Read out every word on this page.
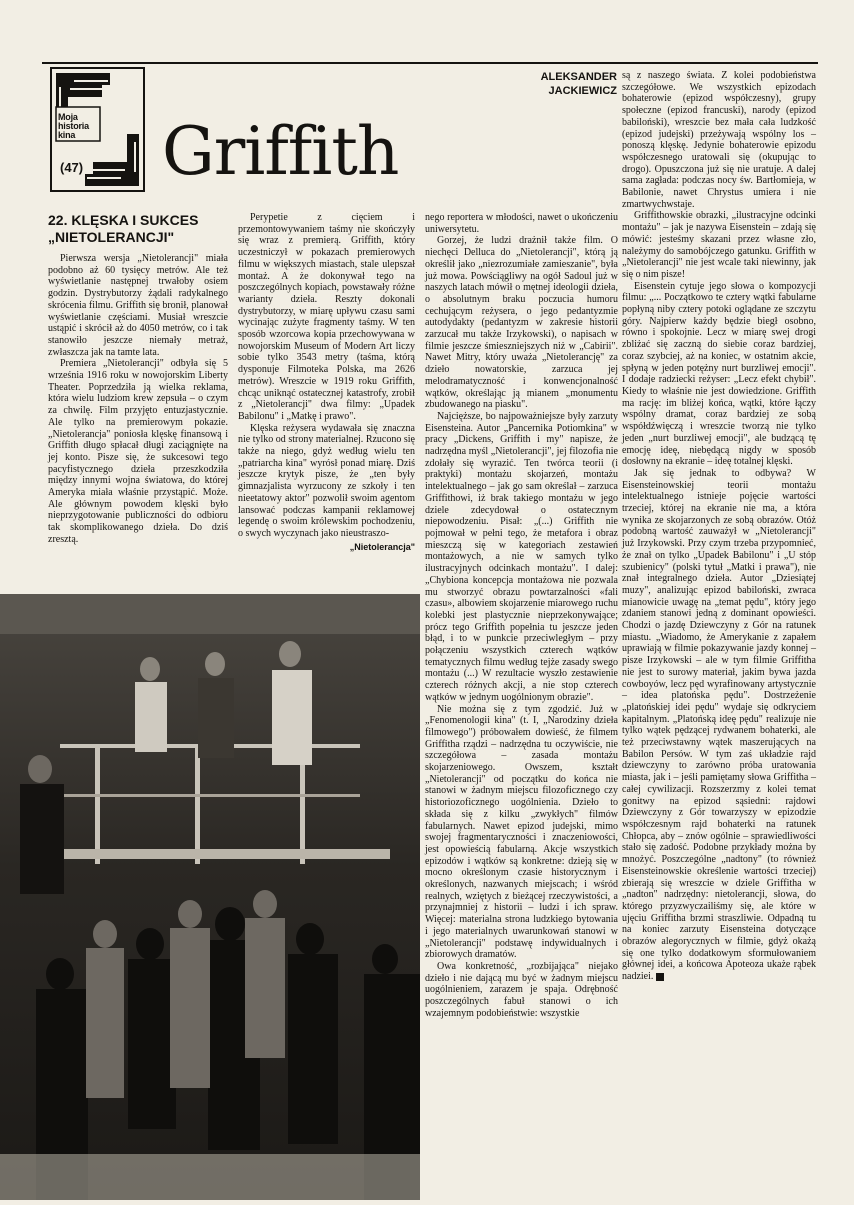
Moja
historia
kina
(47)
ALEKSANDER
JACKIEWICZ
Griffith
22. KLĘSKA I SUKCES
„NIETOLERANCJI"

Pierwsza wersja „Nietolerancji" miała podobno aż 60 tysięcy metrów. Ale też wyświetlanie następnej trwałoby osiem godzin. Dystrybutorzy żądali radykalnego skrócenia filmu. Griffith się bronił, planował wyświetlanie częściami. Musiał wreszcie ustąpić i skrócił aż do 4050 metrów, co i tak stanowiło jeszcze niemały metraż, zwłaszcza jak na tamte lata.

Premiera „Nietolerancji" odbyła się 5 września 1916 roku w nowojorskim Liberty Theater. Poprzedziła ją wielka reklama, która wielu ludziom krew zepsuła – o czym za chwilę. Film przyjęto entuzjastycznie. Ale tylko na premierowym pokazie. „Nietolerancja" poniosła klęskę finansową i Griffith długo spłacał długi zaciągnięte na jej konto. Pisze się, że sukcesowi tego pacyfistycznego dzieła przeszkodziła między innymi wojna światowa, do której Ameryka miała właśnie przystąpić. Może. Ale głównym powodem klęski było nieprzygotowanie publiczności do odbioru tak skomplikowanego dzieła. Do dziś zresztą.

Perypetie z cięciem i przemontowywaniem taśmy nie skończyły się wraz z premierą. Griffith, który uczestniczył w pokazach premierowych filmu w większych miastach, stale ulepszał montaż. A że dokonywał tego na poszczególnych kopiach, powstawały różne warianty dzieła. Reszty dokonali dystrybutorzy, w miarę upływu czasu sami wycinając zużyte fragmenty taśmy. W ten sposób wzorcowa kopia przechowywana w nowojorskim Museum of Modern Art liczy sobie tylko 3543 metry (taśma, którą dysponuje Filmoteka Polska, ma 2626 metrów). Wreszcie w 1919 roku Griffith, chcąc uniknąć ostatecznej katastrofy, zrobił z „Nietolerancji" dwa filmy: „Upadek Babilonu" i „Matkę i prawo".

Klęska reżysera wydawała się znaczna nie tylko od strony materialnej. Rzucono się także na niego, gdyż według wielu ten „patriarcha kina" wyrósł ponad miarę. Dziś jeszcze krytyk pisze, że „ten były gimnazjalista wyrzucony ze szkoły i ten nieetatowy aktor" pozwolił swoim agentom lansować podczas kampanii reklamowej legendę o swoim królewskim pochodzeniu, o swych wyczynach jako nieustraszo-

„Nietolerancja"

nego reportera w młodości, nawet o ukończeniu uniwersytetu.

Gorzej, że ludzi drażnił także film. O niechęci Delluca do „Nietolerancji", którą ją określił jako „niezrozumiałe zamieszanie", była już mowa. Powściągliwy na ogół Sadoul już w naszych latach mówił o mętnej ideologii dzieła, o absolutnym braku poczucia humoru cechującym reżysera, o jego pedantyzmie autodydakty (pedantyzm w zakresie historii zarzucał mu także Irzykowski), o napisach w filmie jeszcze śmieszniejszych niż w „Cabirii". Nawet Mitry, który uważa „Nietolerancję" za dzieło nowatorskie, zarzuca jej melodramatyczność i konwencjonalność wątków, określając ją mianem „monumentu zbudowanego na piasku".

Najcięższe, bo najpoważniejsze były zarzuty Eisensteina. Autor „Pancernika Potiomkina" w pracy „Dickens, Griffith i my" napisze, że nadrzędna myśl „Nietolerancji", jej filozofia nie zdołały się wyrazić. Ten twórca teorii (i praktyki) montażu skojarzeń, montażu intelektualnego – jak go sam określał – zarzuca Griffithowi, iż brak takiego montażu w jego dziele zdecydował o ostatecznym niepowodzeniu. Pisał: „(...) Griffith nie pojmował w pełni tego, że metafora i obraz mieszczą się w kategoriach zestawień montażowych, a nie w samych tylko ilustracyjnych odcinkach montażu". I dalej: „Chybiona koncepcja montażowa nie pozwala mu stworzyć obrazu powtarzalności «fali czasu», albowiem skojarzenie miarowego ruchu kolebki jest plastycznie nieprzekonywające; prócz tego Griffith popełnia tu jeszcze jeden błąd, i to w punkcie przeciwległym – przy połączeniu wszystkich czterech wątków tematycznych filmu według tejże zasady swego montażu (...) W rezultacie wyszło zestawienie czterech różnych akcji, a nie stop czterech wątków w jednym uogólnionym obrazie".

Nie można się z tym zgodzić. Już w „Fenomenologii kina" (t. I, „Narodziny dzieła filmowego") próbowałem dowieść, że filmem Griffitha rządzi – nadrzędna tu oczywiście, nie szczegółowa – zasada montażu skojarzeniowego. Owszem, kształt „Nietolerancji" od początku do końca nie stanowi w żadnym miejscu filozoficznego czy historiozoficznego uogólnienia. Dzieło to składa się z kilku „zwykłych" filmów fabularnych. Nawet epizod judejski, mimo swojej fragmentaryczności i znaczeniowości, jest opowieścią fabularną. Akcje wszystkich epizodów i wątków są konkretne: dzieją się w mocno określonym czasie historycznym i określonych, nazwanych miejscach; i wśród realnych, wziętych z bieżącej rzeczywistości, a przynajmniej z historii – ludzi i ich spraw. Więcej: materialna strona ludzkiego bytowania i jego materialnych uwarunkowań stanowi w „Nietolerancji" podstawę indywidualnych i zbiorowych dramatów.

Owa konkretność, „rozbijająca" niejako dzieło i nie dającą mu być w żadnym miejscu uogólnieniem, zarazem je spaja. Odrębność poszczególnych fabuł stanowi o ich wzajemnym podobieństwie: wszystkie

są z naszego świata. Z kolei podobieństwa szczegółowe. We wszystkich epizodach bohaterowie (epizod współczesny), grupy społeczne (epizod francuski), narody (epizod babiloński), wreszcie bez mała cała ludzkość (epizod judejski) przeżywają wspólny los – ponoszą klęskę. Jedynie bohaterowie epizodu współczesnego uratowali się (okupując to drogo). Opuszczona już się nie uratuje. A dalej sama zagłada: podczas nocy św. Bartłomieja, w Babilonie, nawet Chrystus umiera i nie zmartwychwstaje.

Griffithowskie obrazki, „ilustracyjne odcinki montażu" – jak je nazywa Eisenstein – zdają się mówić: jesteśmy skazani przez własne zło, należymy do samobójczego gatunku. Griffith w „Nietolerancji" nie jest wcale taki niewinny, jak się o nim pisze!

Eisenstein cytuje jego słowa o kompozycji filmu: „... Początkowo te cztery wątki fabularne popłyną niby cztery potoki oglądane ze szczytu góry. Najpierw każdy będzie biegł osobno, równo i spokojnie. Lecz w miarę swej drogi zbliżać się zaczną do siebie coraz bardziej, coraz szybciej, aż na koniec, w ostatnim akcie, spłyną w jeden potężny nurt burzliwej emocji". I dodaje radziecki reżyser: „Lecz efekt chybił". Kiedy to właśnie nie jest dowiedzione. Griffith ma rację: im bliżej końca, wątki, które łączy wspólny dramat, coraz bardziej ze sobą współdźwięczą i wreszcie tworzą nie tylko jeden „nurt burzliwej emocji", ale budzącą tę emocję ideę, niebędącą nigdy w sposób dosłowny na ekranie – ideę totalnej klęski.

Jak się jednak to odbywa? W Eisensteinowskiej teorii montażu intelektualnego istnieje pojęcie wartości trzeciej, której na ekranie nie ma, a która wynika ze skojarzonych ze sobą obrazów. Otóż podobną wartość zauważył w „Nietolerancji" już Irzykowski. Przy czym trzeba przypomnieć, że znał on tylko „Upadek Babilonu" i „U stóp szubienicy" (polski tytuł „Matki i prawa"), nie znał integralnego dzieła. Autor „Dziesiątej muzy", analizując epizod babiloński, zwraca mianowicie uwagę na „temat pędu", który jego zdaniem stanowi jedną z dominant opowieści. Chodzi o jazdę Dziewczyny z Gór na ratunek miastu. „Wiadomo, że Amerykanie z zapałem uprawiają w filmie pokazywanie jazdy konnej – pisze Irzykowski – ale w tym filmie Griffitha nie jest to surowy materiał, jakim bywa jazda cowboyów, lecz pęd wyrafinowany artystycznie – idea platońska pędu". Dostrzeżenie „platońskiej idei pędu" wydaje się odkryciem kapitalnym. „Platońską ideę pędu" realizuje nie tylko wątek pędzącej rydwanem bohaterki, ale też przeciwstawny wątek maszerujących na Babilon Persów. W tym zaś układzie rajd dziewczyny to zarówno próba uratowania miasta, jak i – jeśli pamiętamy słowa Griffitha – całej cywilizacji. Rozszerzmy z kolei temat gonitwy na epizod sąsiedni: rajdowi Dziewczyny z Gór towarzyszy w epizodzie współczesnym rajd bohaterki na ratunek Chłopca, aby – znów ogólnie – sprawiedliwości stało się zadość. Podobne przykłady można by mnożyć. Poszczególne „nadtony" (to również Eisensteinowskie określenie wartości trzeciej) zbierają się wreszcie w dziele Griffitha w „nadton" nadrzędny: nietolerancji, słowa, do którego przyzwyczailiśmy się, ale które w ujęciu Griffitha brzmi straszliwie. Odpadną tu na koniec zarzuty Eisensteina dotyczące obrazów alegorycznych w filmie, gdyż okażą się one tylko dodatkowym sformułowaniem głównej idei, a końcowa Apoteoza ukaże rąbek nadziei.
